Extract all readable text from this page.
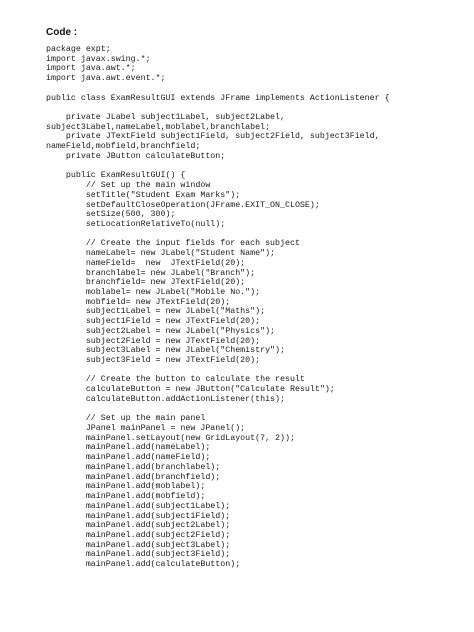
Code :
package expt;
import javax.swing.*;
import java.awt.*;
import java.awt.event.*;
public class ExamResultGUI extends JFrame implements ActionListener {
private JLabel subject1Label, subject2Label,
subject3Label,nameLabel,moblabel,branchlabel;
private JTextField subject1Field, subject2Field, subject3Field,
nameField,mobfield,branchfield;
private JButton calculateButton;
public ExamResultGUI() {
// Set up the main window
setTitle("Student Exam Marks");
setDefaultCloseOperation(JFrame.EXIT_ON_CLOSE);
setSize(500, 300);
setLocationRelativeTo(null);
// Create the input fields for each subject
nameLabel= new JLabel("Student Name");
nameField=  new  JTextField(20);
branchlabel= new JLabel("Branch");
branchfield= new JTextField(20);
moblabel= new JLabel("Mobile No.");
mobfield= new JTextField(20);
subject1Label = new JLabel("Maths");
subject1Field = new JTextField(20);
subject2Label = new JLabel("Physics");
subject2Field = new JTextField(20);
subject3Label = new JLabel("Chemistry");
subject3Field = new JTextField(20);
// Create the button to calculate the result
calculateButton = new JButton("Calculate Result");
calculateButton.addActionListener(this);
// Set up the main panel
JPanel mainPanel = new JPanel();
mainPanel.setLayout(new GridLayout(7, 2));
mainPanel.add(nameLabel);
mainPanel.add(nameField);
mainPanel.add(branchlabel);
mainPanel.add(branchfield);
mainPanel.add(moblabel);
mainPanel.add(mobfield);
mainPanel.add(subject1Label);
mainPanel.add(subject1Field);
mainPanel.add(subject2Label);
mainPanel.add(subject2Field);
mainPanel.add(subject3Label);
mainPanel.add(subject3Field);
mainPanel.add(calculateButton);
